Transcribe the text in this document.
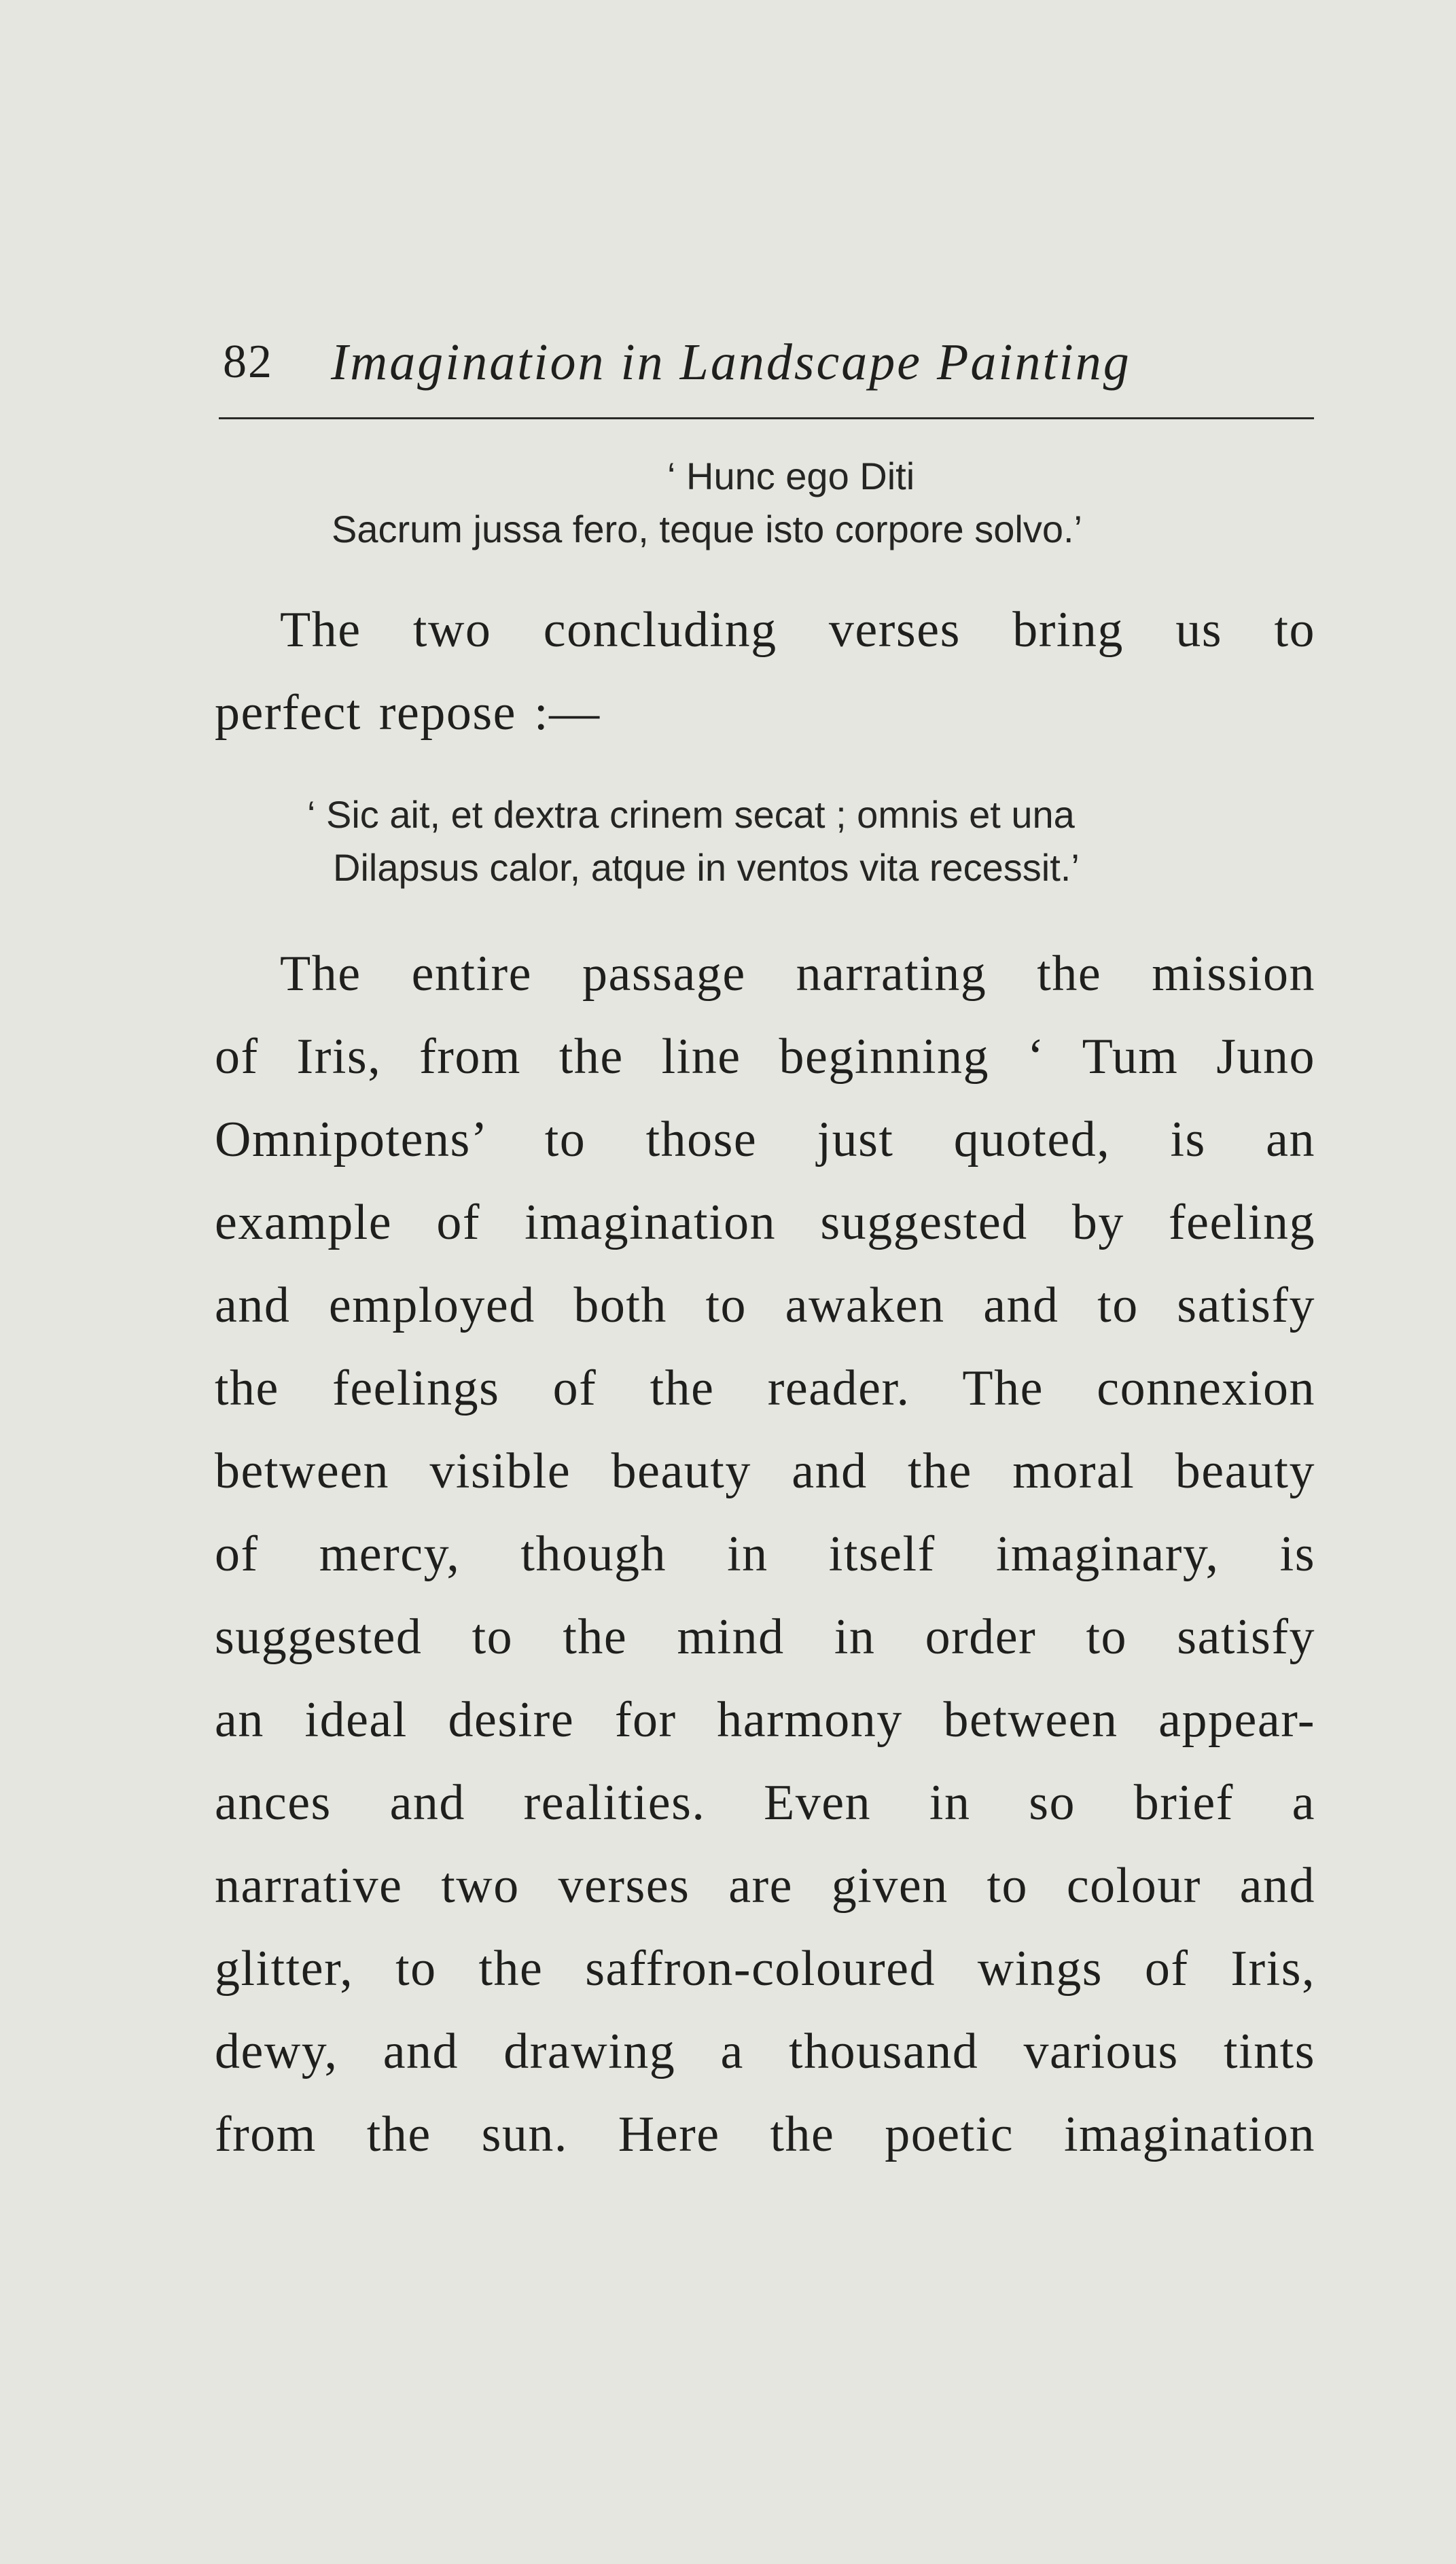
82 Imagination in Landscape Painting
‘ Hunc ego Diti
Sacrum jussa fero, teque isto corpore solvo.’
The two concluding verses bring us to
perfect repose :—
‘ Sic ait, et dextra crinem secat ; omnis et una
Dilapsus calor, atque in ventos vita recessit.’
The entire passage narrating the mission
of Iris, from the line beginning ‘ Tum Juno
Omnipotens’ to those just quoted, is an
example of imagination suggested by feeling
and employed both to awaken and to satisfy
the feelings of the reader. The connexion
between visible beauty and the moral beauty
of mercy, though in itself imaginary, is
suggested to the mind in order to satisfy
an ideal desire for harmony between appear-
ances and realities. Even in so brief a
narrative two verses are given to colour and
glitter, to the saffron-coloured wings of Iris,
dewy, and drawing a thousand various tints
from the sun. Here the poetic imagination
